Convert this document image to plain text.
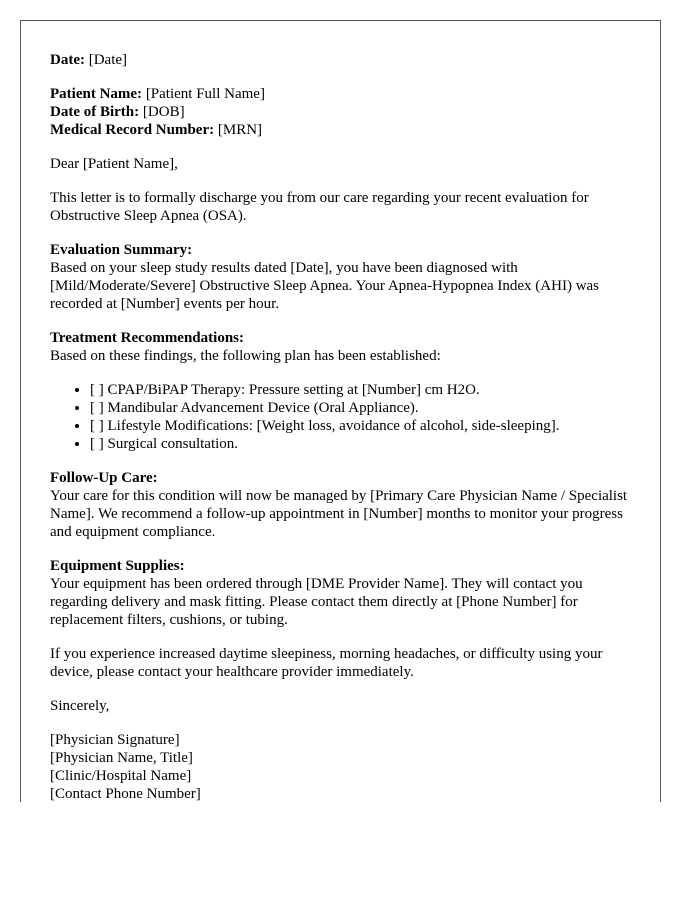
Date: [Date]

Patient Name: [Patient Full Name]
Date of Birth: [DOB]
Medical Record Number: [MRN]

Dear [Patient Name],

This letter is to formally discharge you from our care regarding your recent evaluation for Obstructive Sleep Apnea (OSA).

Evaluation Summary:
Based on your sleep study results dated [Date], you have been diagnosed with [Mild/Moderate/Severe] Obstructive Sleep Apnea. Your Apnea-Hypopnea Index (AHI) was recorded at [Number] events per hour.

Treatment Recommendations:
Based on these findings, the following plan has been established:

• [ ] CPAP/BiPAP Therapy: Pressure setting at [Number] cm H2O.
• [ ] Mandibular Advancement Device (Oral Appliance).
• [ ] Lifestyle Modifications: [Weight loss, avoidance of alcohol, side-sleeping].
• [ ] Surgical consultation.

Follow-Up Care:
Your care for this condition will now be managed by [Primary Care Physician Name / Specialist Name]. We recommend a follow-up appointment in [Number] months to monitor your progress and equipment compliance.

Equipment Supplies:
Your equipment has been ordered through [DME Provider Name]. They will contact you regarding delivery and mask fitting. Please contact them directly at [Phone Number] for replacement filters, cushions, or tubing.

If you experience increased daytime sleepiness, morning headaches, or difficulty using your device, please contact your healthcare provider immediately.

Sincerely,

[Physician Signature]

[Physician Name, Title]

[Clinic/Hospital Name]

[Contact Phone Number]
